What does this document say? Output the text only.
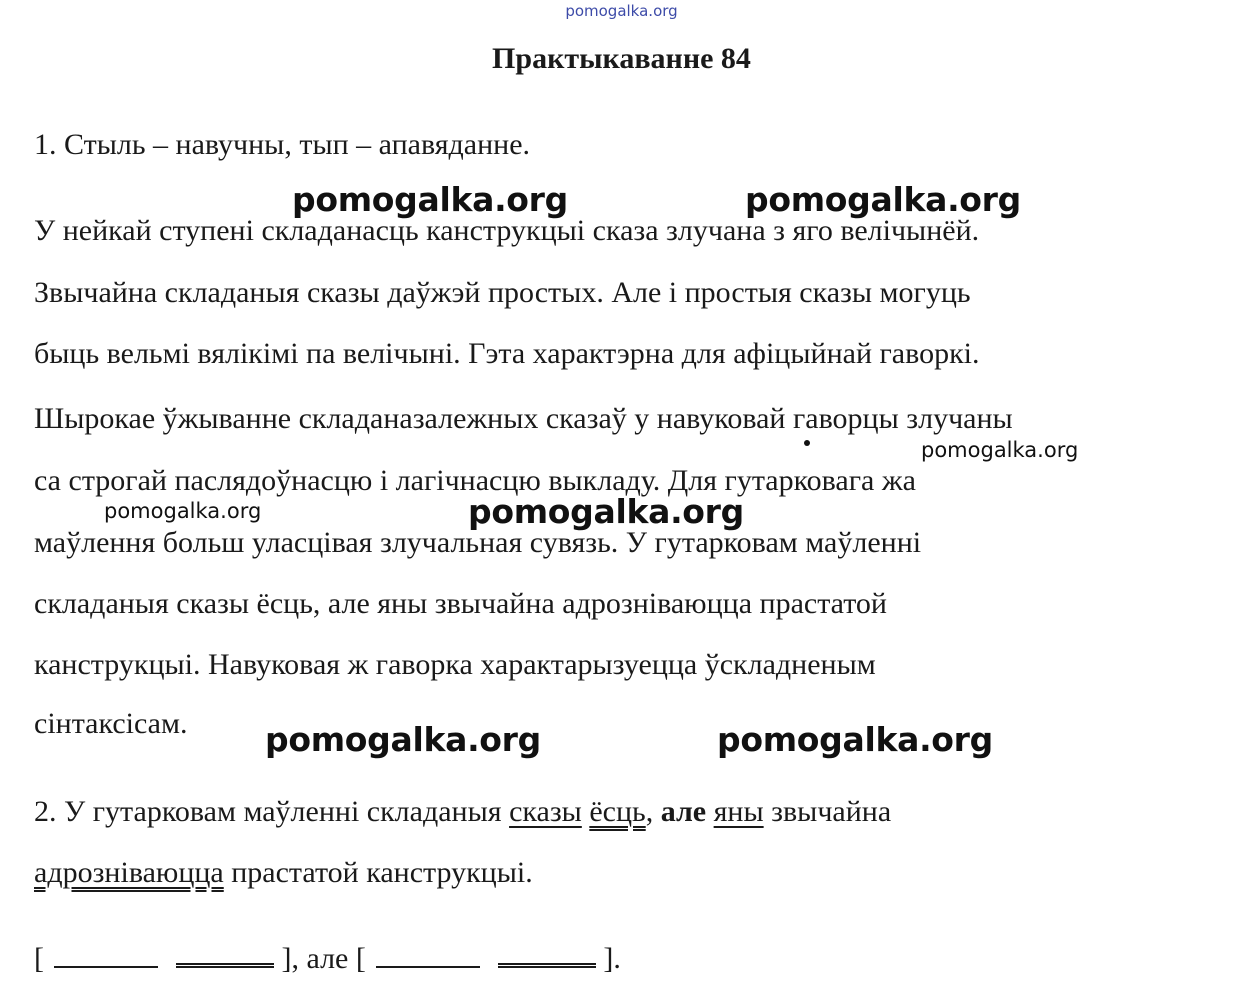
pomogalka.org
Практыкаванне 84
1. Стыль – навучны, тып – апавяданне.
У нейкай ступені складанасць канструкцыі сказа злучана з яго велічынёй.
Звычайна складаныя сказы даўжэй простых. Але і простыя сказы могуць
быць вельмі вялікімі па велічыні. Гэта характэрна для афіцыйнай гаворкі.
Шырокае ўжыванне складаназалежных сказаў у навуковай гаворцы злучаны
са строгай паслядоўнасцю і лагічнасцю выкладу. Для гутарковага жа
маўлення больш уласцівая злучальная сувязь. У гутарковам маўленні
складаныя сказы ёсць, але яны звычайна адрозніваюцца прастатой
канструкцыі. Навуковая ж гаворка характарызуецца ўскладненым
сінтаксісам.
2. У гутарковам маўленні складаныя сказы ёсць, але яны звычайна
адрозніваюцца прастатой канструкцыі.
[	], але [	].
pomogalka.org	pomogalka.org
pomogalka.org
pomogalka.org	pomogalka.org
pomogalka.org	pomogalka.org
